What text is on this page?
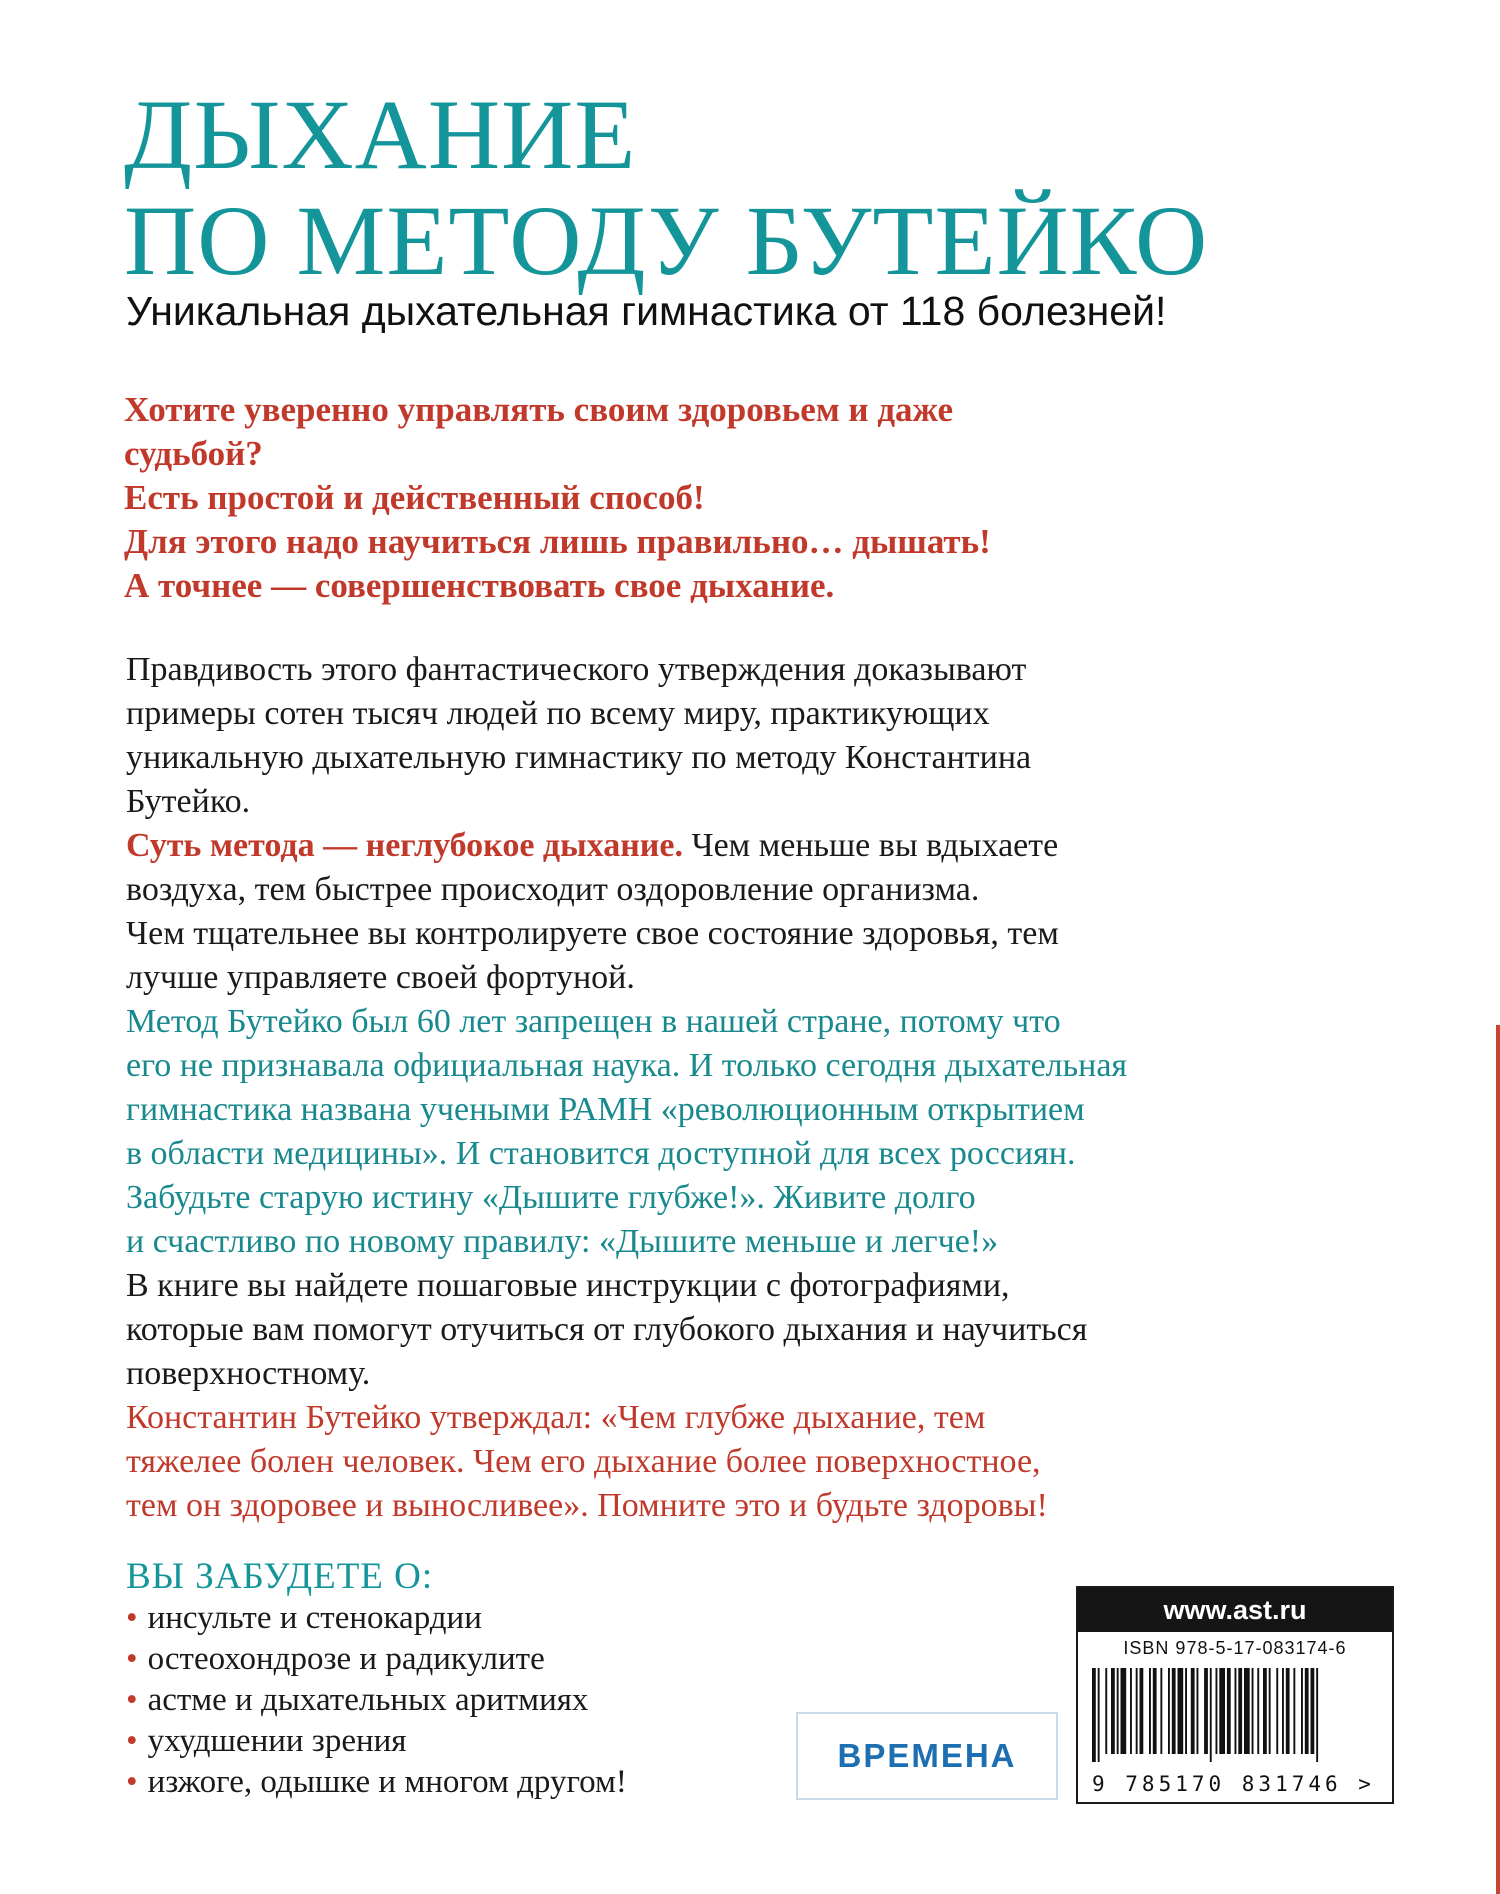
ДЫХАНИЕ
ПО МЕТОДУ БУТЕЙКО
Уникальная дыхательная гимнастика от 118 болезней!
Хотите уверенно управлять своим здоровьем и даже
судьбой?
Есть простой и действенный способ!
Для этого надо научиться лишь правильно… дышать!
А точнее — совершенствовать свое дыхание.
Правдивость этого фантастического утверждения доказывают
примеры сотен тысяч людей по всему миру, практикующих
уникальную дыхательную гимнастику по методу Константина
Бутейко.
Суть метода — неглубокое дыхание. Чем меньше вы вдыхаете
воздуха, тем быстрее происходит оздоровление организма.
Чем тщательнее вы контролируете свое состояние здоровья, тем
лучше управляете своей фортуной.
Метод Бутейко был 60 лет запрещен в нашей стране, потому что
его не признавала официальная наука. И только сегодня дыхательная
гимнастика названа учеными РАМН «революционным открытием
в области медицины». И становится доступной для всех россиян.
Забудьте старую истину «Дышите глубже!». Живите долго
и счастливо по новому правилу: «Дышите меньше и легче!»
В книге вы найдете пошаговые инструкции с фотографиями,
которые вам помогут отучиться от глубокого дыхания и научиться
поверхностному.
Константин Бутейко утверждал: «Чем глубже дыхание, тем
тяжелее болен человек. Чем его дыхание более поверхностное,
тем он здоровее и выносливее». Помните это и будьте здоровы!
ВЫ ЗАБУДЕТЕ О:
• инсульте и стенокардии
• остеохондрозе и радикулите
• астме и дыхательных аритмиях
• ухудшении зрения
• изжоге, одышке и многом другом!
ВРЕМЕНА
www.ast.ru
ISBN 978-5-17-083174-6
9 785170 831746 >
